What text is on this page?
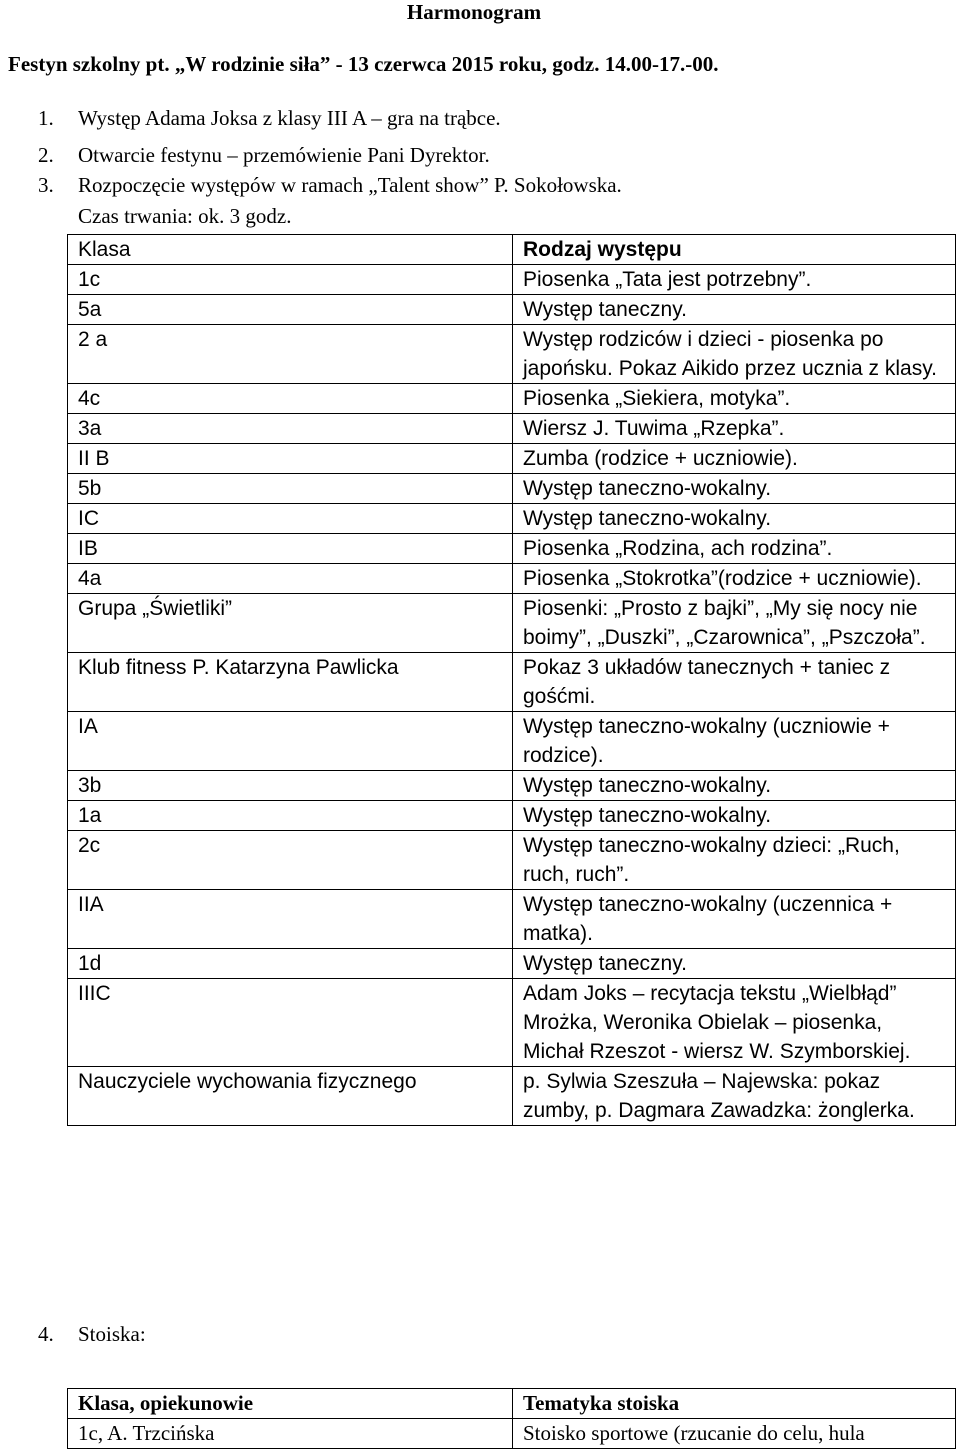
Harmonogram
Festyn szkolny pt. „W rodzinie siła” - 13 czerwca 2015 roku, godz. 14.00-17.-00.
1. Występ Adama Joksa z klasy III A – gra na trąbce.
2. Otwarcie festynu – przemówienie Pani Dyrektor.
3. Rozpoczęcie występów w ramach „Talent show” P. Sokołowska.
Czas trwania: ok. 3 godz.
Klasa	Rodzaj występu
1c	Piosenka „Tata jest potrzebny”.
5a	Występ taneczny.
2 a	Występ rodziców i dzieci - piosenka po japońsku. Pokaz Aikido przez ucznia z klasy.
4c	Piosenka „Siekiera, motyka”.
3a	Wiersz J. Tuwima „Rzepka”.
II B	Zumba (rodzice + uczniowie).
5b	Występ taneczno-wokalny.
IC	Występ taneczno-wokalny.
IB	Piosenka „Rodzina, ach rodzina”.
4a	Piosenka „Stokrotka”(rodzice + uczniowie).
Grupa „Świetliki”	Piosenki: „Prosto z bajki”, „My się nocy nie boimy”, „Duszki”, „Czarownica”, „Pszczoła”.
Klub fitness P. Katarzyna Pawlicka	Pokaz 3 układów tanecznych + taniec z gośćmi.
IA	Występ taneczno-wokalny (uczniowie + rodzice).
3b	Występ taneczno-wokalny.
1a	Występ taneczno-wokalny.
2c	Występ taneczno-wokalny dzieci: „Ruch, ruch, ruch”.
IIA	Występ taneczno-wokalny (uczennica + matka).
1d	Występ taneczny.
IIIC	Adam Joks – recytacja tekstu „Wielbłąd” Mrożka, Weronika Obielak – piosenka, Michał Rzeszot - wiersz W. Szymborskiej.
Nauczyciele wychowania fizycznego	p. Sylwia Szeszuła – Najewska: pokaz zumby, p. Dagmara Zawadzka: żonglerka.
4. Stoiska:
Klasa, opiekunowie	Tematyka stoiska
1c, A. Trzcińska	Stoisko sportowe (rzucanie do celu, hula
